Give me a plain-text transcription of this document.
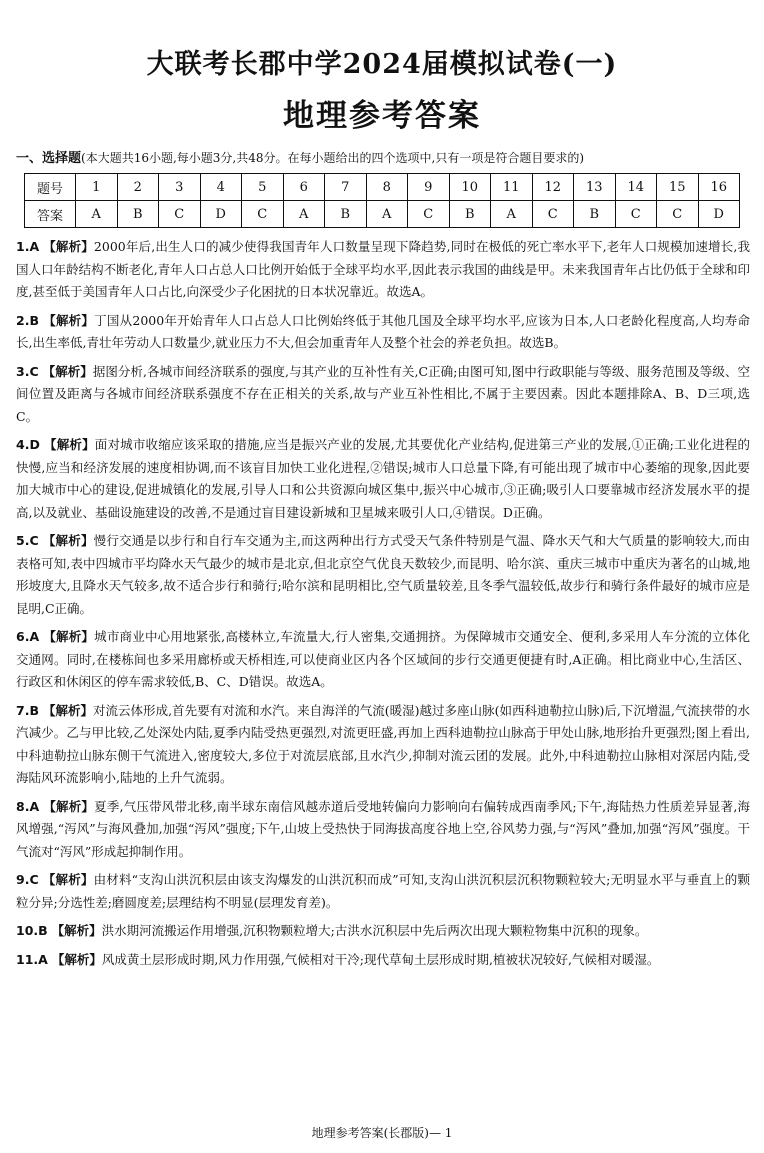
大联考长郡中学2024届模拟试卷(一)
地理参考答案
一、选择题(本大题共16小题,每小题3分,共48分。在每小题给出的四个选项中,只有一项是符合题目要求的)
题号	1	2	3	4	5	6	7	8	9	10	11	12	13	14	15	16
答案	A	B	C	D	C	A	B	A	C	B	A	C	B	C	C	D
1.A 【解析】2000年后,出生人口的减少使得我国青年人口数量呈现下降趋势,同时在极低的死亡率水平下,老年人口规模加速增长,我国人口年龄结构不断老化,青年人口占总人口比例开始低于全球平均水平,因此表示我国的曲线是甲。未来我国青年占比仍低于全球和印度,甚至低于美国青年人口占比,向深受少子化困扰的日本状况靠近。故选A。
2.B 【解析】丁国从2000年开始青年人口占总人口比例始终低于其他几国及全球平均水平,应该为日本,人口老龄化程度高,人均寿命长,出生率低,青壮年劳动人口数量少,就业压力不大,但会加重青年人及整个社会的养老负担。故选B。
3.C 【解析】据图分析,各城市间经济联系的强度,与其产业的互补性有关,C正确;由图可知,图中行政职能与等级、服务范围及等级、空间位置及距离与各城市间经济联系强度不存在正相关的关系,故与产业互补性相比,不属于主要因素。因此本题排除A、B、D三项,选C。
4.D 【解析】面对城市收缩应该采取的措施,应当是振兴产业的发展,尤其要优化产业结构,促进第三产业的发展,①正确;工业化进程的快慢,应当和经济发展的速度相协调,而不该盲目加快工业化进程,②错误;城市人口总量下降,有可能出现了城市中心萎缩的现象,因此要加大城市中心的建设,促进城镇化的发展,引导人口和公共资源向城区集中,振兴中心城市,③正确;吸引人口要靠城市经济发展水平的提高,以及就业、基础设施建设的改善,不是通过盲目建设新城和卫星城来吸引人口,④错误。D正确。
5.C 【解析】慢行交通是以步行和自行车交通为主,而这两种出行方式受天气条件特别是气温、降水天气和大气质量的影响较大,而由表格可知,表中四城市平均降水天气最少的城市是北京,但北京空气优良天数较少,而昆明、哈尔滨、重庆三城市中重庆为著名的山城,地形坡度大,且降水天气较多,故不适合步行和骑行;哈尔滨和昆明相比,空气质量较差,且冬季气温较低,故步行和骑行条件最好的城市应是昆明,C正确。
6.A 【解析】城市商业中心用地紧张,高楼林立,车流量大,行人密集,交通拥挤。为保障城市交通安全、便利,多采用人车分流的立体化交通网。同时,在楼栋间也多采用廊桥或天桥相连,可以使商业区内各个区域间的步行交通更便捷有时,A正确。相比商业中心,生活区、行政区和休闲区的停车需求较低,B、C、D错误。故选A。
7.B 【解析】对流云体形成,首先要有对流和水汽。来自海洋的气流(暖湿)越过多座山脉(如西科迪勒拉山脉)后,下沉增温,气流挟带的水汽减少。乙与甲比较,乙处深处内陆,夏季内陆受热更强烈,对流更旺盛,再加上西科迪勒拉山脉高于甲处山脉,地形抬升更强烈;图上看出,中科迪勒拉山脉东侧干气流进入,密度较大,多位于对流层底部,且水汽少,抑制对流云团的发展。此外,中科迪勒拉山脉相对深居内陆,受海陆风环流影响小,陆地的上升气流弱。
8.A 【解析】夏季,气压带风带北移,南半球东南信风越赤道后受地转偏向力影响向右偏转成西南季风;下午,海陆热力性质差异显著,海风增强,“泻风”与海风叠加,加强“泻风”强度;下午,山坡上受热快于同海拔高度谷地上空,谷风势力强,与“泻风”叠加,加强“泻风”强度。干气流对“泻风”形成起抑制作用。
9.C 【解析】由材料“支沟山洪沉积层由该支沟爆发的山洪沉积而成”可知,支沟山洪沉积层沉积物颗粒较大;无明显水平与垂直上的颗粒分异;分选性差;磨圆度差;层理结构不明显(层理发育差)。
10.B 【解析】洪水期河流搬运作用增强,沉积物颗粒增大;古洪水沉积层中先后两次出现大颗粒物集中沉积的现象。
11.A 【解析】风成黄土层形成时期,风力作用强,气候相对干冷;现代草甸土层形成时期,植被状况较好,气候相对暖湿。
地理参考答案(长郡版)— 1
